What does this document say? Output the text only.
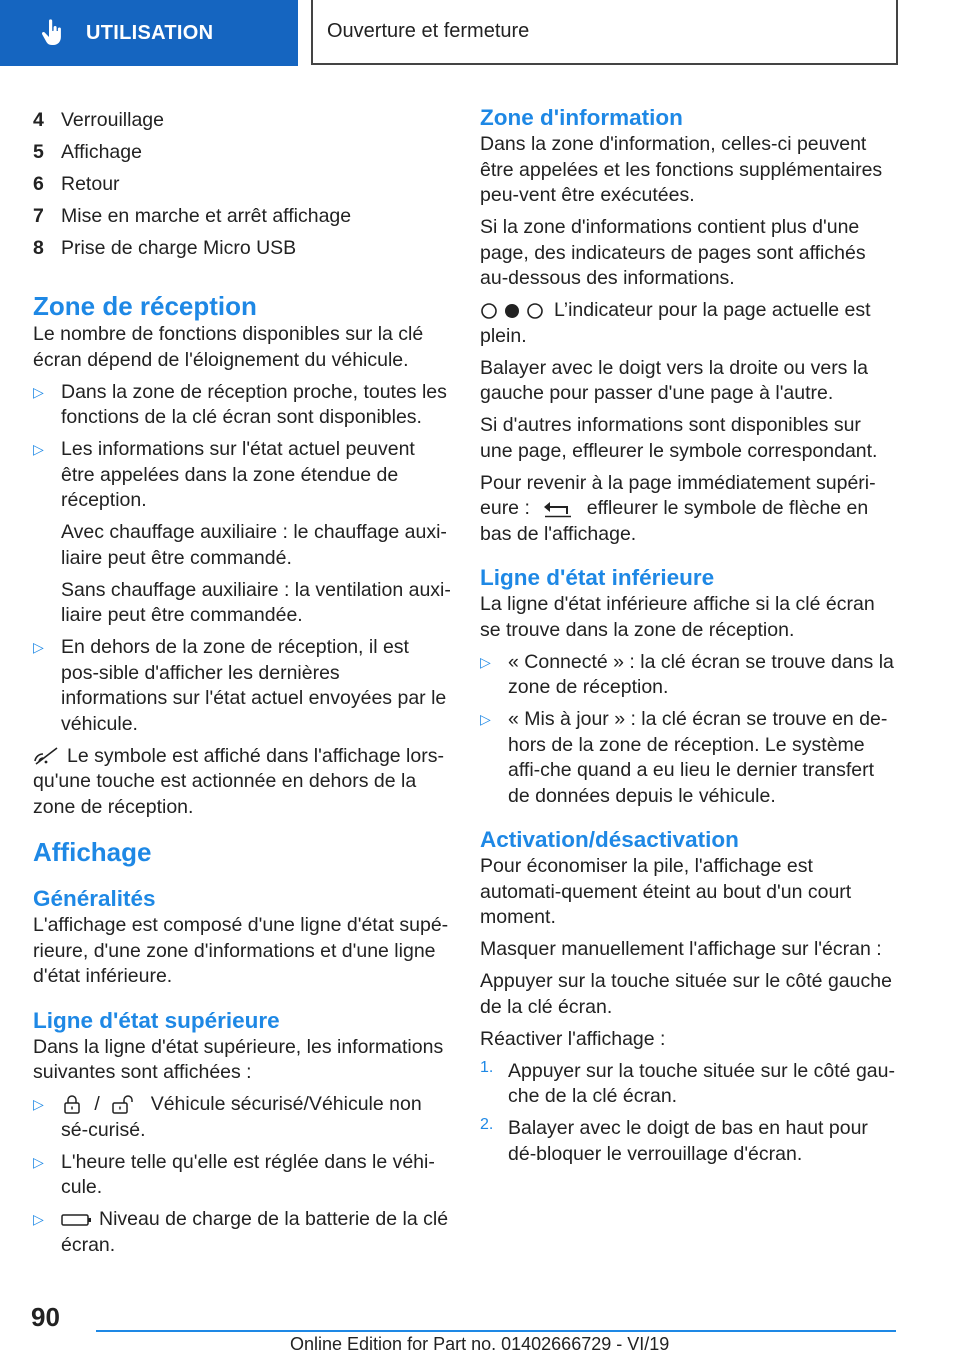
UTILISATION	Ouverture et fermeture
4 Verrouillage
5 Affichage
6 Retour
7 Mise en marche et arrêt affichage
8 Prise de charge Micro USB
Zone de réception

Le nombre de fonctions disponibles sur la clé écran dépend de l'éloignement du véhicule.

▷ Dans la zone de réception proche, toutes les fonctions de la clé écran sont disponibles.

▷ Les informations sur l'état actuel peuvent être appelées dans la zone étendue de réception.

Avec chauffage auxiliaire : le chauffage auxi-liaire peut être commandé.

Sans chauffage auxiliaire : la ventilation auxi-liaire peut être commandée.

▷ En dehors de la zone de réception, il est pos-sible d'afficher les dernières informations sur l'état actuel envoyées par le véhicule.

Le symbole est affiché dans l'affichage lors-qu'une touche est actionnée en dehors de la zone de réception.

Affichage
Généralités

L'affichage est composé d'une ligne d'état supé-rieure, d'une zone d'informations et d'une ligne d'état inférieure.

Ligne d'état supérieure

Dans la ligne d'état supérieure, les informations suivantes sont affichées :

▷	/	Véhicule sécurisé/Véhicule non sé-curisé.

▷ L'heure telle qu'elle est réglée dans le véhi-cule.

▷	Niveau de charge de la batterie de la clé écran.

Zone d'information

Dans la zone d'information, celles-ci peuvent être appelées et les fonctions supplémentaires peu-vent être exécutées.

Si la zone d'informations contient plus d'une page, des indicateurs de pages sont affichés au-dessous des informations.

L’indicateur pour la page actuelle est plein.

Balayer avec le doigt vers la droite ou vers la gauche pour passer d'une page à l'autre.

Si d'autres informations sont disponibles sur une page, effleurer le symbole correspondant.

Pour revenir à la page immédiatement supéri-eure :	effleurer le symbole de flèche en bas de l'affichage.

Ligne d'état inférieure

La ligne d'état inférieure affiche si la clé écran se trouve dans la zone de réception.

▷ « Connecté » : la clé écran se trouve dans la zone de réception.

▷ « Mis à jour » : la clé écran se trouve en de-hors de la zone de réception. Le système affi-che quand a eu lieu le dernier transfert de données depuis le véhicule.

Activation/désactivation

Pour économiser la pile, l'affichage est automati-quement éteint au bout d'un court moment.

Masquer manuellement l'affichage sur l'écran :

Appuyer sur la touche située sur le côté gauche de la clé écran.

Réactiver l'affichage :

1. Appuyer sur la touche située sur le côté gau-che de la clé écran.

2. Balayer avec le doigt de bas en haut pour dé-bloquer le verrouillage d'écran.

90
Online Edition for Part no. 01402666729 - VI/19
